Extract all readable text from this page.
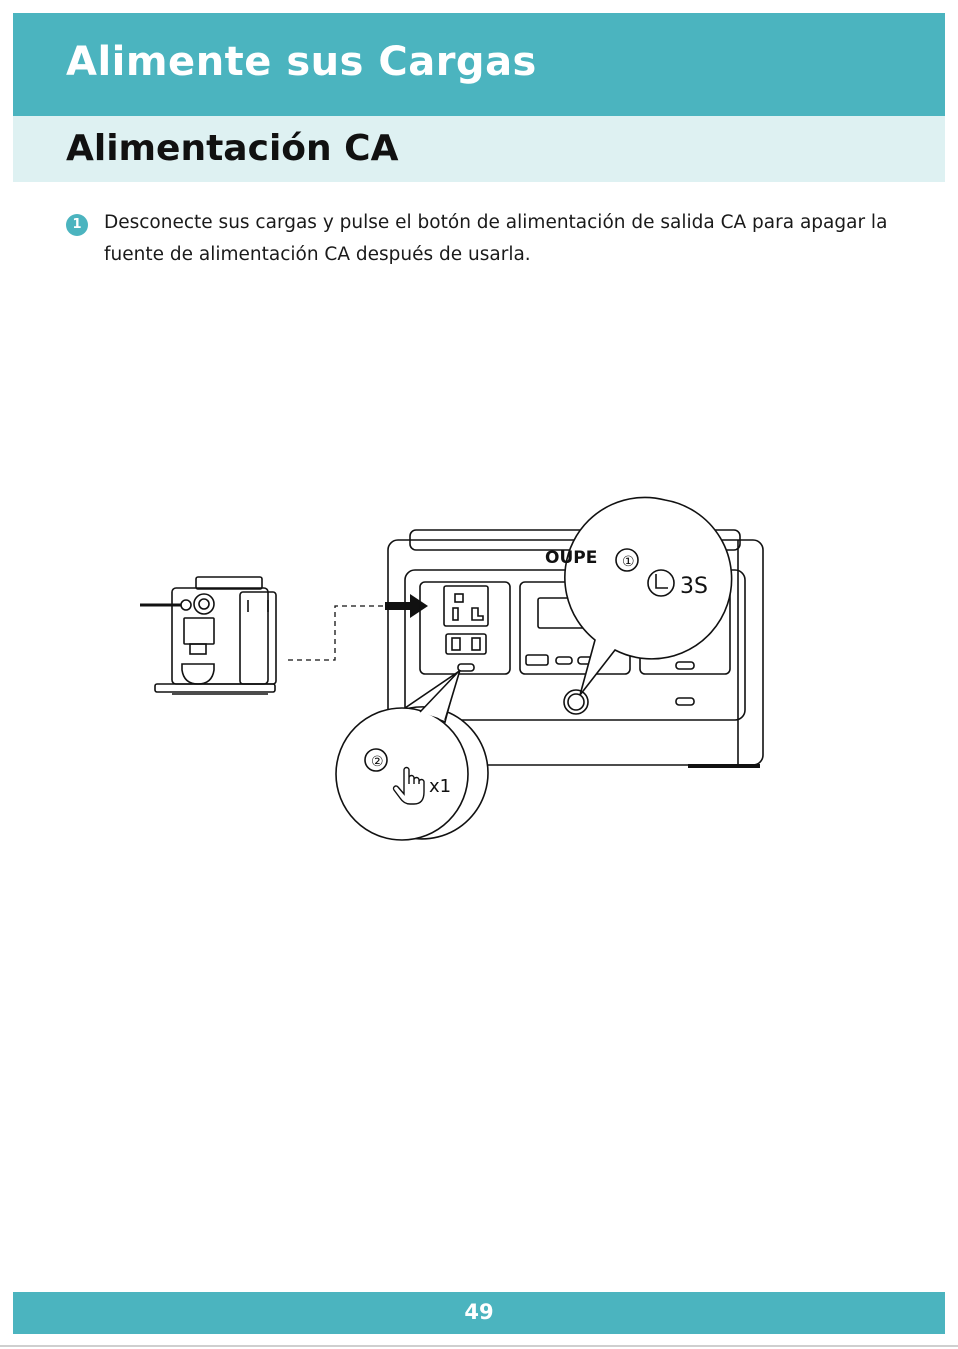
Alimente sus Cargas
Alimentación CA
1	Desconecte sus cargas y pulse el botón de alimentación de salida CA para apagar la fuente de alimentación CA después de usarla.
OUPE ①
3S
②
x1
49
